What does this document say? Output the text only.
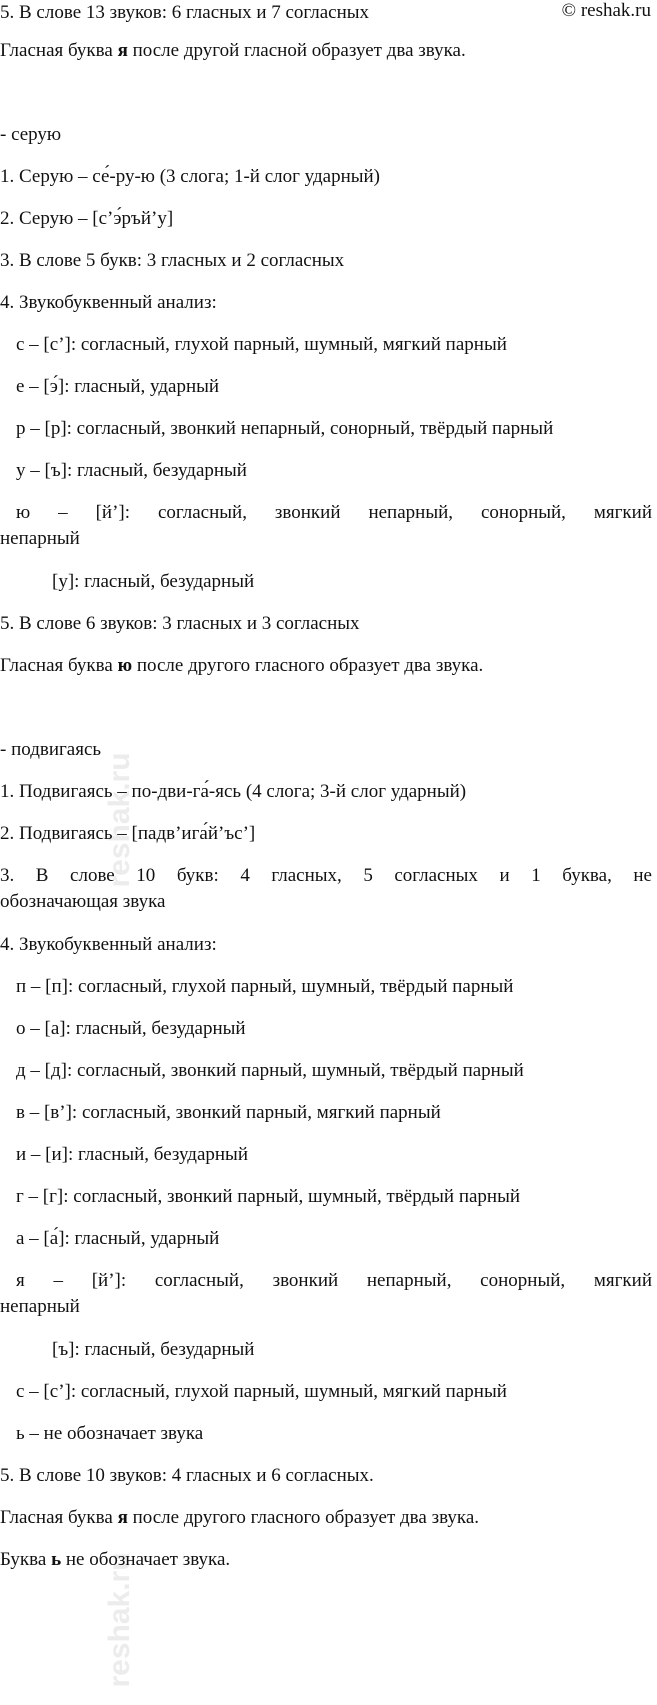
© reshak.ru
reshak.ru
reshak.ru
5. В слове 13 звуков: 6 гласных и 7 согласных
Гласная буква я после другой гласной образует два звука.
- серую
1. Серую – се́-ру-ю (3 слога; 1-й слог ударный)
2. Серую – [с’э́ръй’у]
3. В слове 5 букв: 3 гласных и 2 согласных
4. Звукобуквенный анализ:
с – [с’]: согласный, глухой парный, шумный, мягкий парный
е – [э́]: гласный, ударный
р – [р]: согласный, звонкий непарный, сонорный, твёрдый парный
у – [ъ]: гласный, безударный
ю – [й’]: согласный, звонкий непарный, сонорный, мягкий
непарный
[у]: гласный, безударный
5. В слове 6 звуков: 3 гласных и 3 согласных
Гласная буква ю после другого гласного образует два звука.
- подвигаясь
1. Подвигаясь – по-дви-га́-ясь (4 слога; 3-й слог ударный)
2. Подвигаясь – [падв’ига́й’ъс’]
3. В слове 10 букв: 4 гласных, 5 согласных и 1 буква, не
обозначающая звука
4. Звукобуквенный анализ:
п – [п]: согласный, глухой парный, шумный, твёрдый парный
о – [а]: гласный, безударный
д – [д]: согласный, звонкий парный, шумный, твёрдый парный
в – [в’]: согласный, звонкий парный, мягкий парный
и – [и]: гласный, безударный
г – [г]: согласный, звонкий парный, шумный, твёрдый парный
а – [а́]: гласный, ударный
я – [й’]: согласный, звонкий непарный, сонорный, мягкий
непарный
[ъ]: гласный, безударный
с – [с’]: согласный, глухой парный, шумный, мягкий парный
ь – не обозначает звука
5. В слове 10 звуков: 4 гласных и 6 согласных.
Гласная буква я после другого гласного образует два звука.
Буква ь не обозначает звука.
